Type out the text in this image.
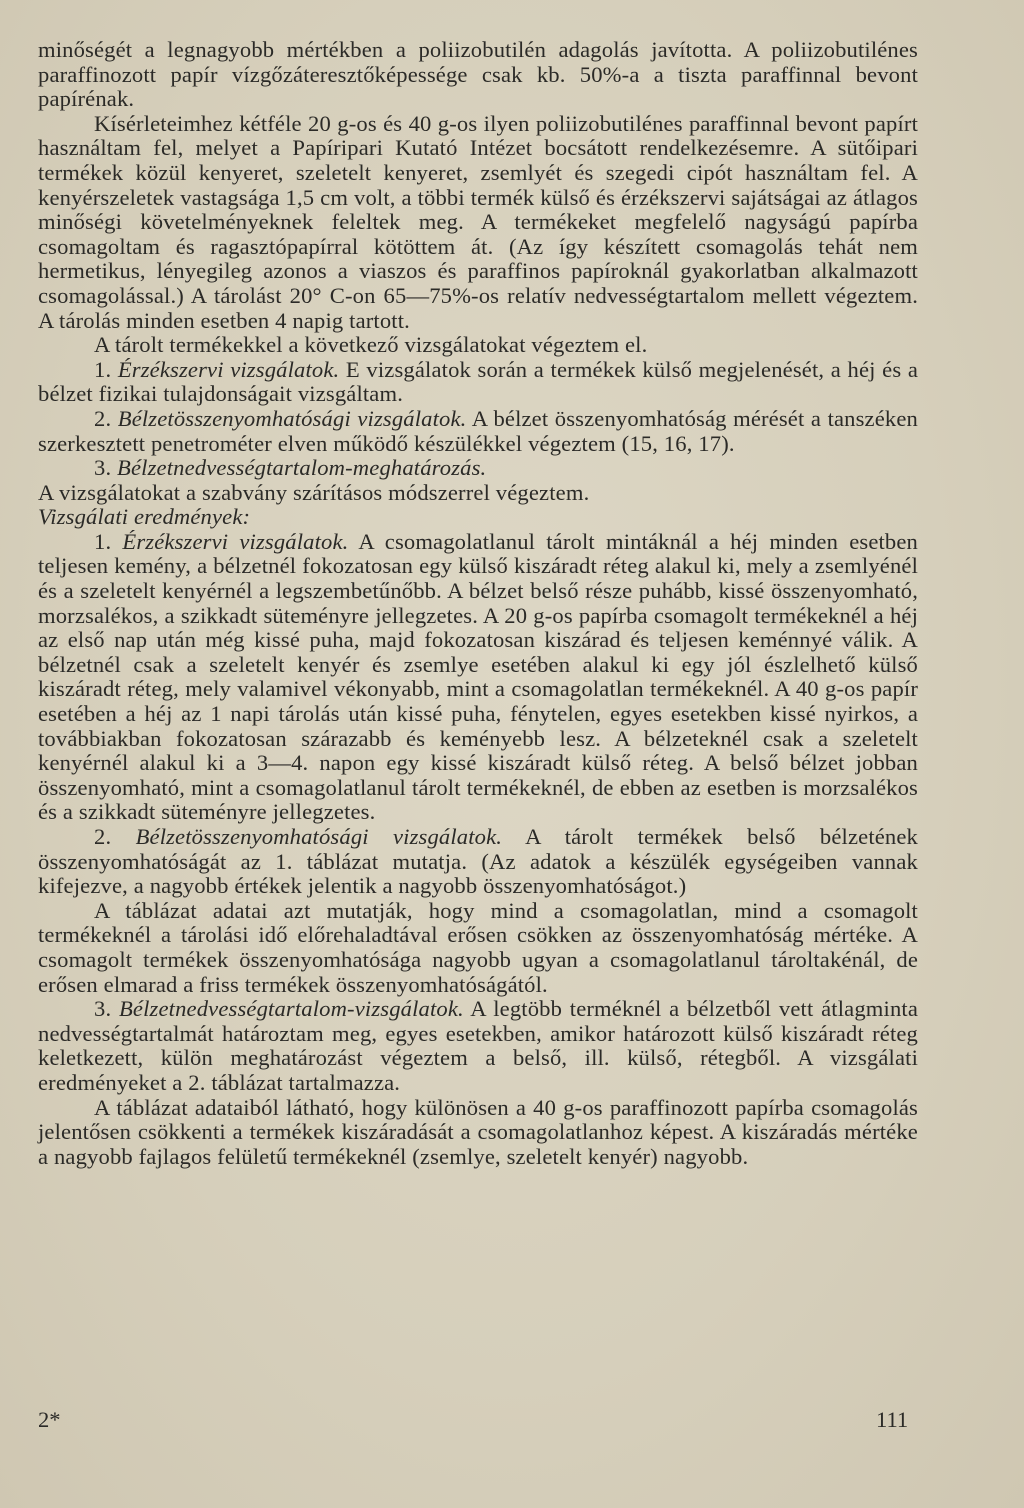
minőségét a legnagyobb mértékben a poliizobutilén adagolás javította. A poliizobutilénes paraffinozott papír vízgőzáteresztőképessége csak kb. 50%-a a tiszta paraffinnal bevont papírénak.

Kísérleteimhez kétféle 20 g-os és 40 g-os ilyen poliizobutilénes paraffinnal bevont papírt használtam fel, melyet a Papíripari Kutató Intézet bocsátott rendelkezésemre. A sütőipari termékek közül kenyeret, szeletelt kenyeret, zsemlyét és szegedi cipót használtam fel. A kenyérszeletek vastagsága 1,5 cm volt, a többi termék külső és érzékszervi sajátságai az átlagos minőségi követelményeknek feleltek meg. A termékeket megfelelő nagyságú papírba csomagoltam és ragasztópapírral kötöttem át. (Az így készített csomagolás tehát nem hermetikus, lényegileg azonos a viaszos és paraffinos papíroknál gyakorlatban alkalmazott csomagolással.) A tárolást 20° C-on 65—75%-os relatív nedvességtartalom mellett végeztem. A tárolás minden esetben 4 napig tartott.

A tárolt termékekkel a következő vizsgálatokat végeztem el.

1. Érzékszervi vizsgálatok. E vizsgálatok során a termékek külső megjelenését, a héj és a bélzet fizikai tulajdonságait vizsgáltam.

2. Bélzetösszenyomhatósági vizsgálatok. A bélzet összenyomhatóság mérését a tanszéken szerkesztett penetrométer elven működő készülékkel végeztem (15, 16, 17).

3. Bélzetnedvességtartalom-meghatározás.

A vizsgálatokat a szabvány szárításos módszerrel végeztem.

Vizsgálati eredmények:

1. Érzékszervi vizsgálatok. A csomagolatlanul tárolt mintáknál a héj minden esetben teljesen kemény, a bélzetnél fokozatosan egy külső kiszáradt réteg alakul ki, mely a zsemlyénél és a szeletelt kenyérnél a legszembetűnőbb. A bélzet belső része puhább, kissé összenyomható, morzsalékos, a szikkadt süteményre jellegzetes. A 20 g-os papírba csomagolt termékeknél a héj az első nap után még kissé puha, majd fokozatosan kiszárad és teljesen keménnyé válik. A bélzetnél csak a szeletelt kenyér és zsemlye esetében alakul ki egy jól észlelhető külső kiszáradt réteg, mely valamivel vékonyabb, mint a csomagolatlan termékeknél. A 40 g-os papír esetében a héj az 1 napi tárolás után kissé puha, fénytelen, egyes esetekben kissé nyirkos, a továbbiakban fokozatosan szárazabb és keményebb lesz. A bélzeteknél csak a szeletelt kenyérnél alakul ki a 3—4. napon egy kissé kiszáradt külső réteg. A belső bélzet jobban összenyomható, mint a csomagolatlanul tárolt termékeknél, de ebben az esetben is morzsalékos és a szikkadt süteményre jellegzetes.

2. Bélzetösszenyomhatósági vizsgálatok. A tárolt termékek belső bélzetének összenyomhatóságát az 1. táblázat mutatja. (Az adatok a készülék egységeiben vannak kifejezve, a nagyobb értékek jelentik a nagyobb összenyomhatóságot.)

A táblázat adatai azt mutatják, hogy mind a csomagolatlan, mind a csomagolt termékeknél a tárolási idő előrehaladtával erősen csökken az összenyomhatóság mértéke. A csomagolt termékek összenyomhatósága nagyobb ugyan a csomagolatlanul tároltakénál, de erősen elmarad a friss termékek összenyomhatóságától.

3. Bélzetnedvességtartalom-vizsgálatok. A legtöbb terméknél a bélzetből vett átlagminta nedvességtartalmát határoztam meg, egyes esetekben, amikor határozott külső kiszáradt réteg keletkezett, külön meghatározást végeztem a belső, ill. külső, rétegből. A vizsgálati eredményeket a 2. táblázat tartalmazza.

A táblázat adataiból látható, hogy különösen a 40 g-os paraffinozott papírba csomagolás jelentősen csökkenti a termékek kiszáradását a csomagolatlanhoz képest. A kiszáradás mértéke a nagyobb fajlagos felületű termékeknél (zsemlye, szeletelt kenyér) nagyobb.

2*	111
